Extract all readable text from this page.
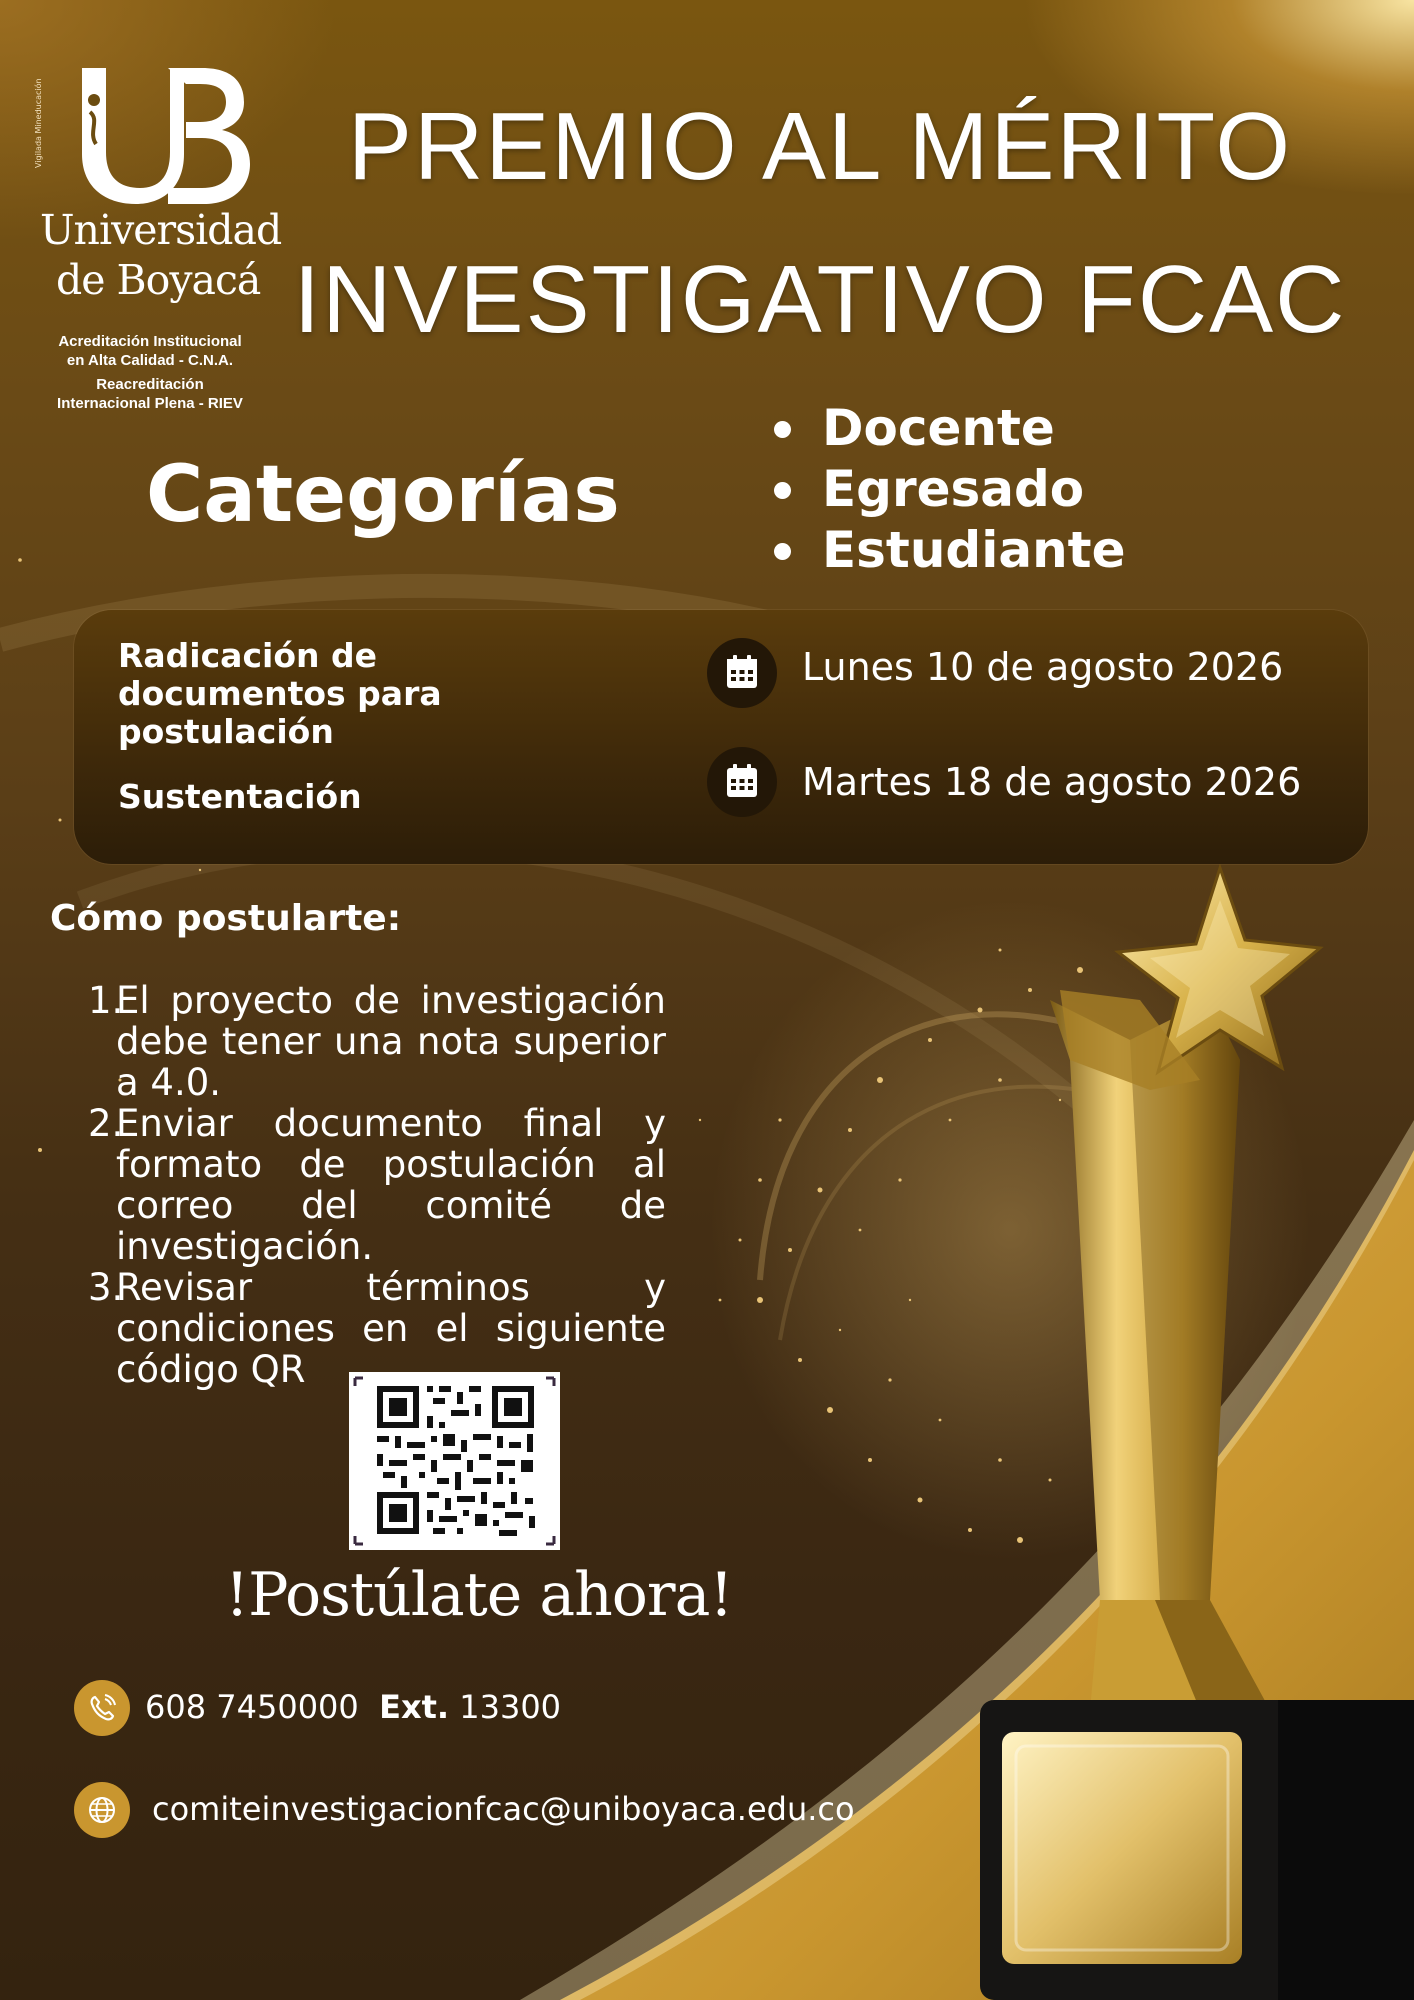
Vigilada Mineducación
Universidad
de Boyacá
Acreditación Institucional
en Alta Calidad - C.N.A.
Reacreditación
Internacional Plena - RIEV
PREMIO AL MÉRITO
INVESTIGATIVO FCAC
Categorías
Docente
Egresado
Estudiante
Radicación de documentos para postulación
Sustentación
Lunes 10 de agosto 2026
Martes 18 de agosto 2026
Cómo postularte:
1.
El proyecto de investigación debe tener una nota superior a 4.0.
2.
Enviar documento final y formato de postulación al correo del comité de investigación.
3.
Revisar términos y condiciones en el siguiente código QR
!Postúlate ahora!
608 7450000 Ext. 13300
comiteinvestigacionfcac@uniboyaca.edu.co
